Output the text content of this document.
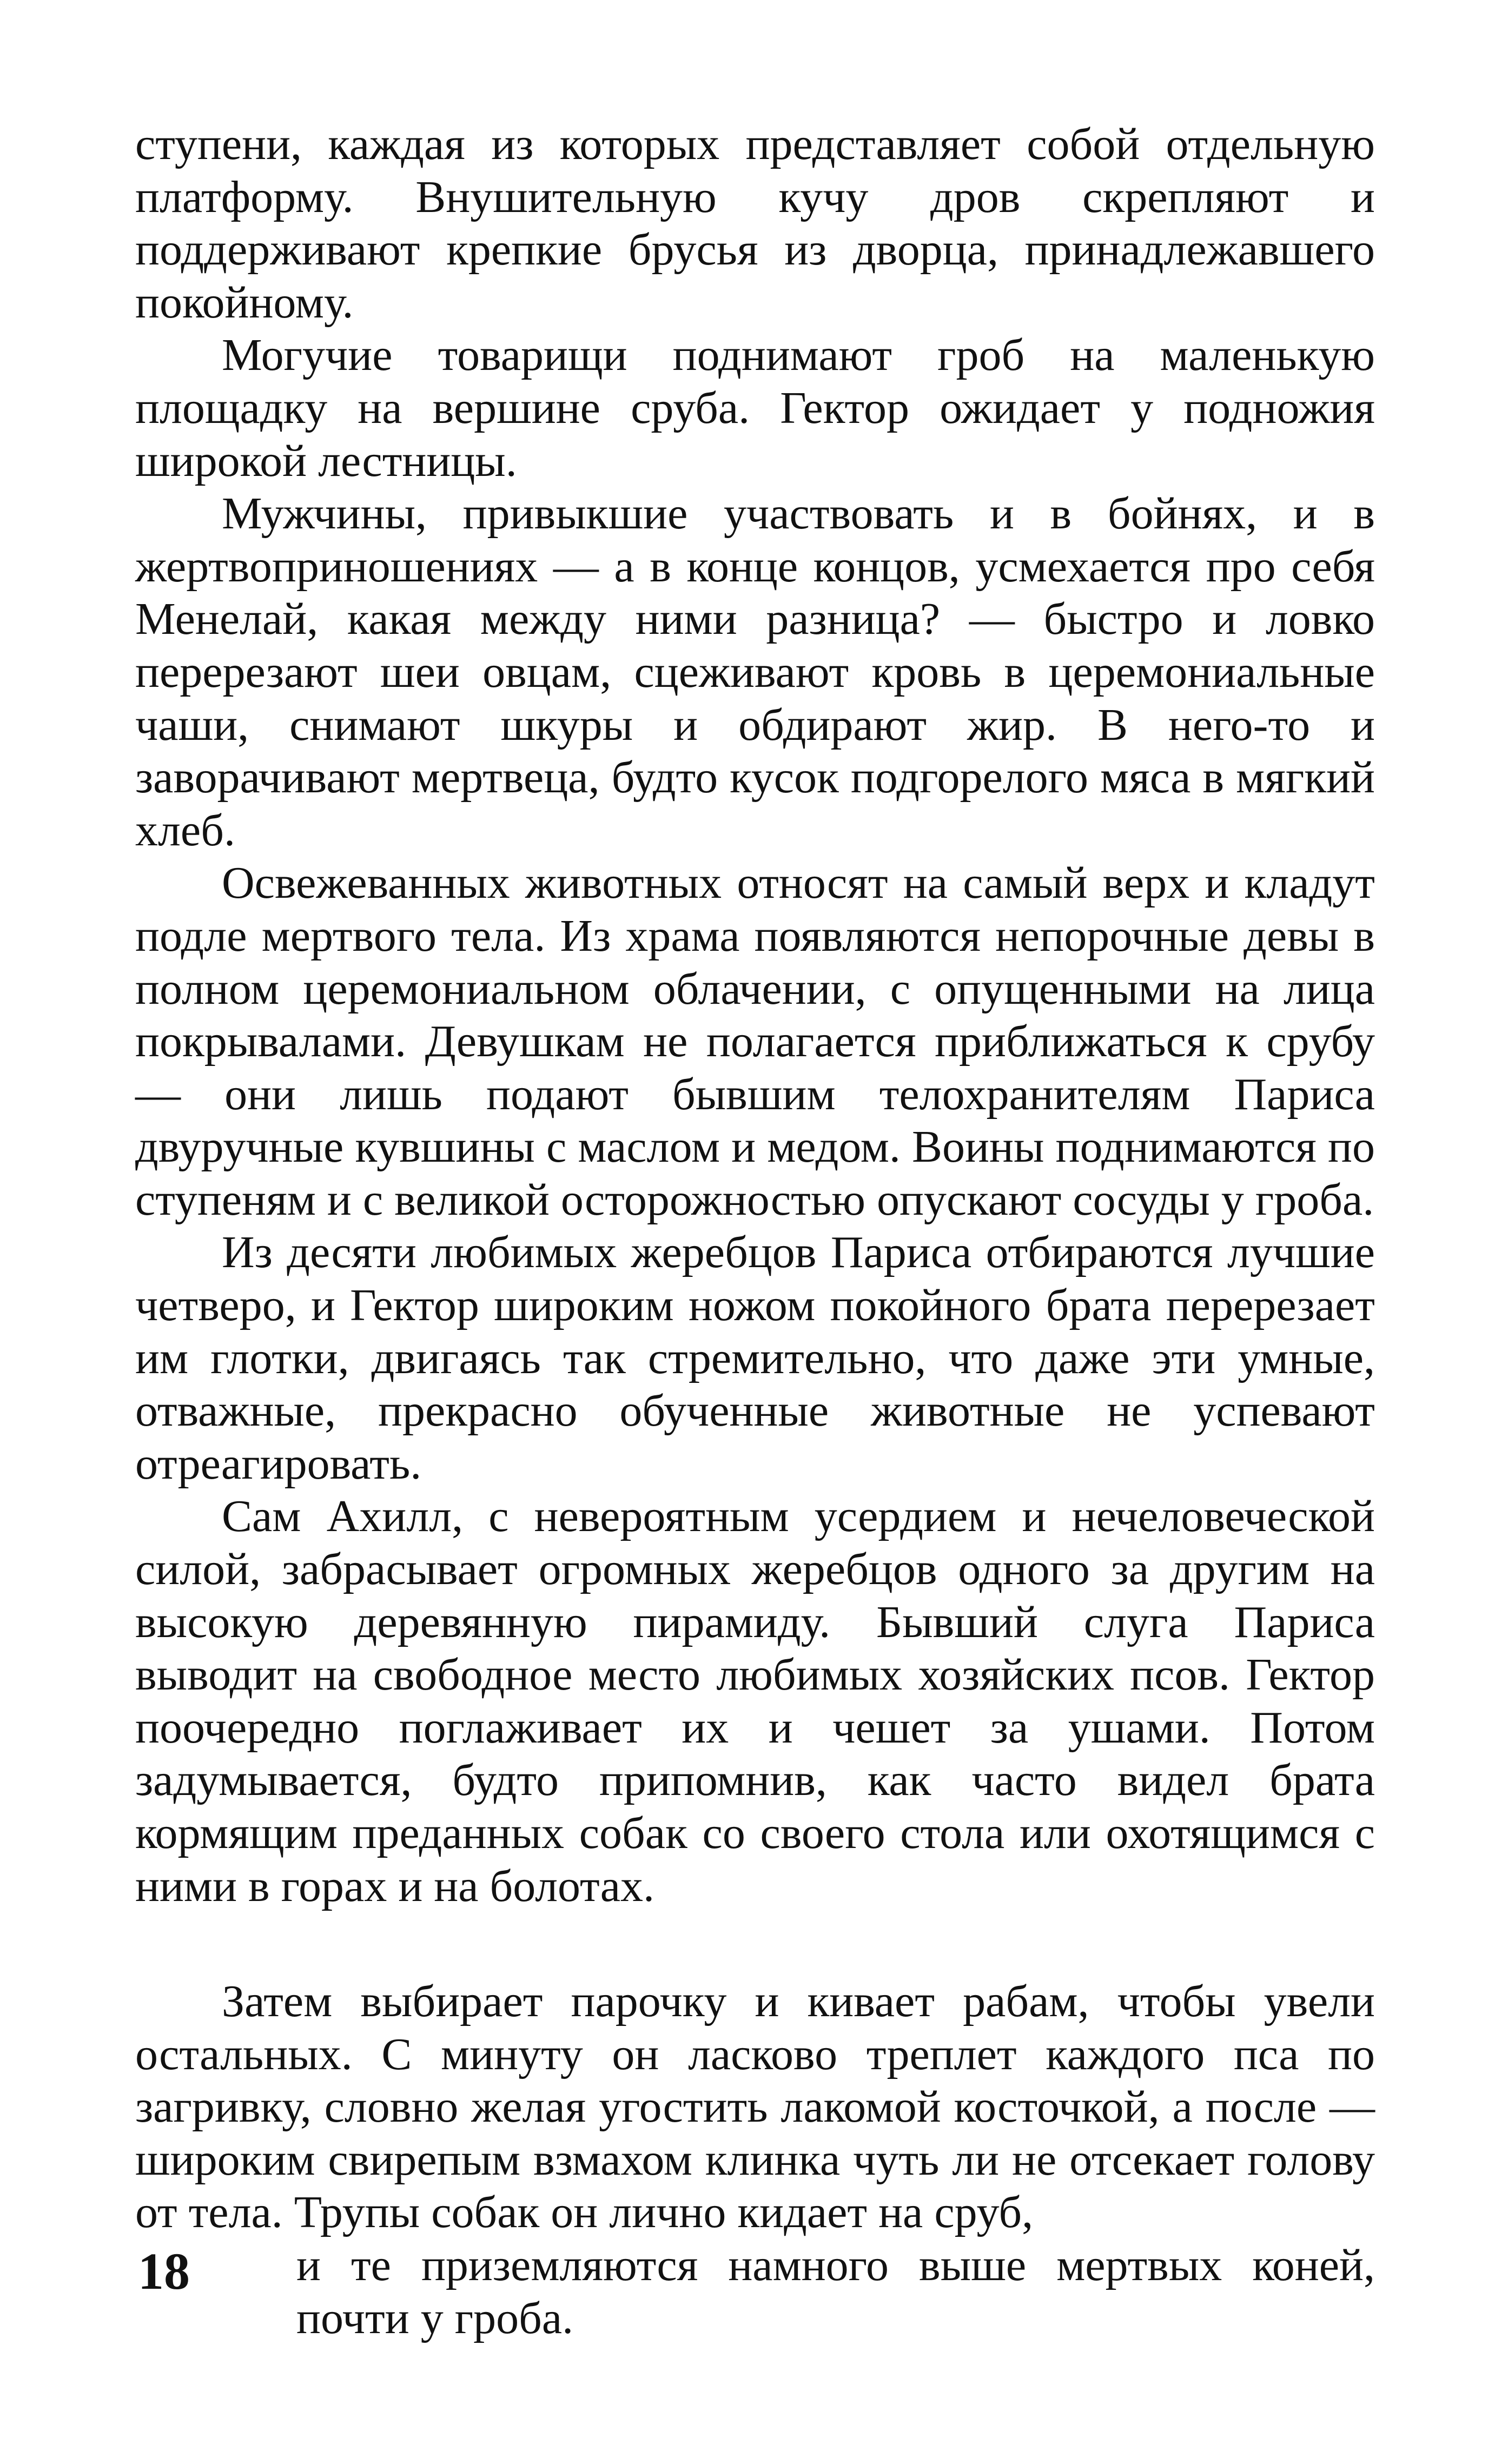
ступени, каждая из которых представляет собой отдельную платформу. Внушительную кучу дров скрепляют и поддерживают крепкие брусья из дворца, принадлежавшего покойному.

Могучие товарищи поднимают гроб на маленькую площадку на вершине сруба. Гектор ожидает у подножия широкой лестницы.

Мужчины, привыкшие участвовать и в бойнях, и в жертвоприношениях — а в конце концов, усмехается про себя Менелай, какая между ними разница? — быстро и ловко перерезают шеи овцам, сцеживают кровь в церемониальные чаши, снимают шкуры и обдирают жир. В него-то и заворачивают мертвеца, будто кусок подгорелого мяса в мягкий хлеб.

Освежеванных животных относят на самый верх и кладут подле мертвого тела. Из храма появляются непорочные девы в полном церемониальном облачении, с опущенными на лица покрывалами. Девушкам не полагается приближаться к срубу — они лишь подают бывшим телохранителям Париса двуручные кувшины с маслом и медом. Воины поднимаются по ступеням и с великой осторожностью опускают сосуды у гроба.

Из десяти любимых жеребцов Париса отбираются лучшие четверо, и Гектор широким ножом покойного брата перерезает им глотки, двигаясь так стремительно, что даже эти умные, отважные, прекрасно обученные животные не успевают отреагировать.

Сам Ахилл, с невероятным усердием и нечеловеческой силой, забрасывает огромных жеребцов одного за другим на высокую деревянную пирамиду. Бывший слуга Париса выводит на свободное место любимых хозяйских псов. Гектор поочередно поглаживает их и чешет за ушами. Потом задумывается, будто припомнив, как часто видел брата кормящим преданных собак со своего стола или охотящимся с ними в горах и на болотах.

Затем выбирает парочку и кивает рабам, чтобы увели остальных. С минуту он ласково треплет каждого пса по загривку, словно желая угостить лакомой косточкой, а после — широким свирепым взмахом клинка чуть ли не отсекает голову от тела. Трупы собак он лично кидает на сруб,

и те приземляются намного выше мертвых коней,
почти у гроба.
18
